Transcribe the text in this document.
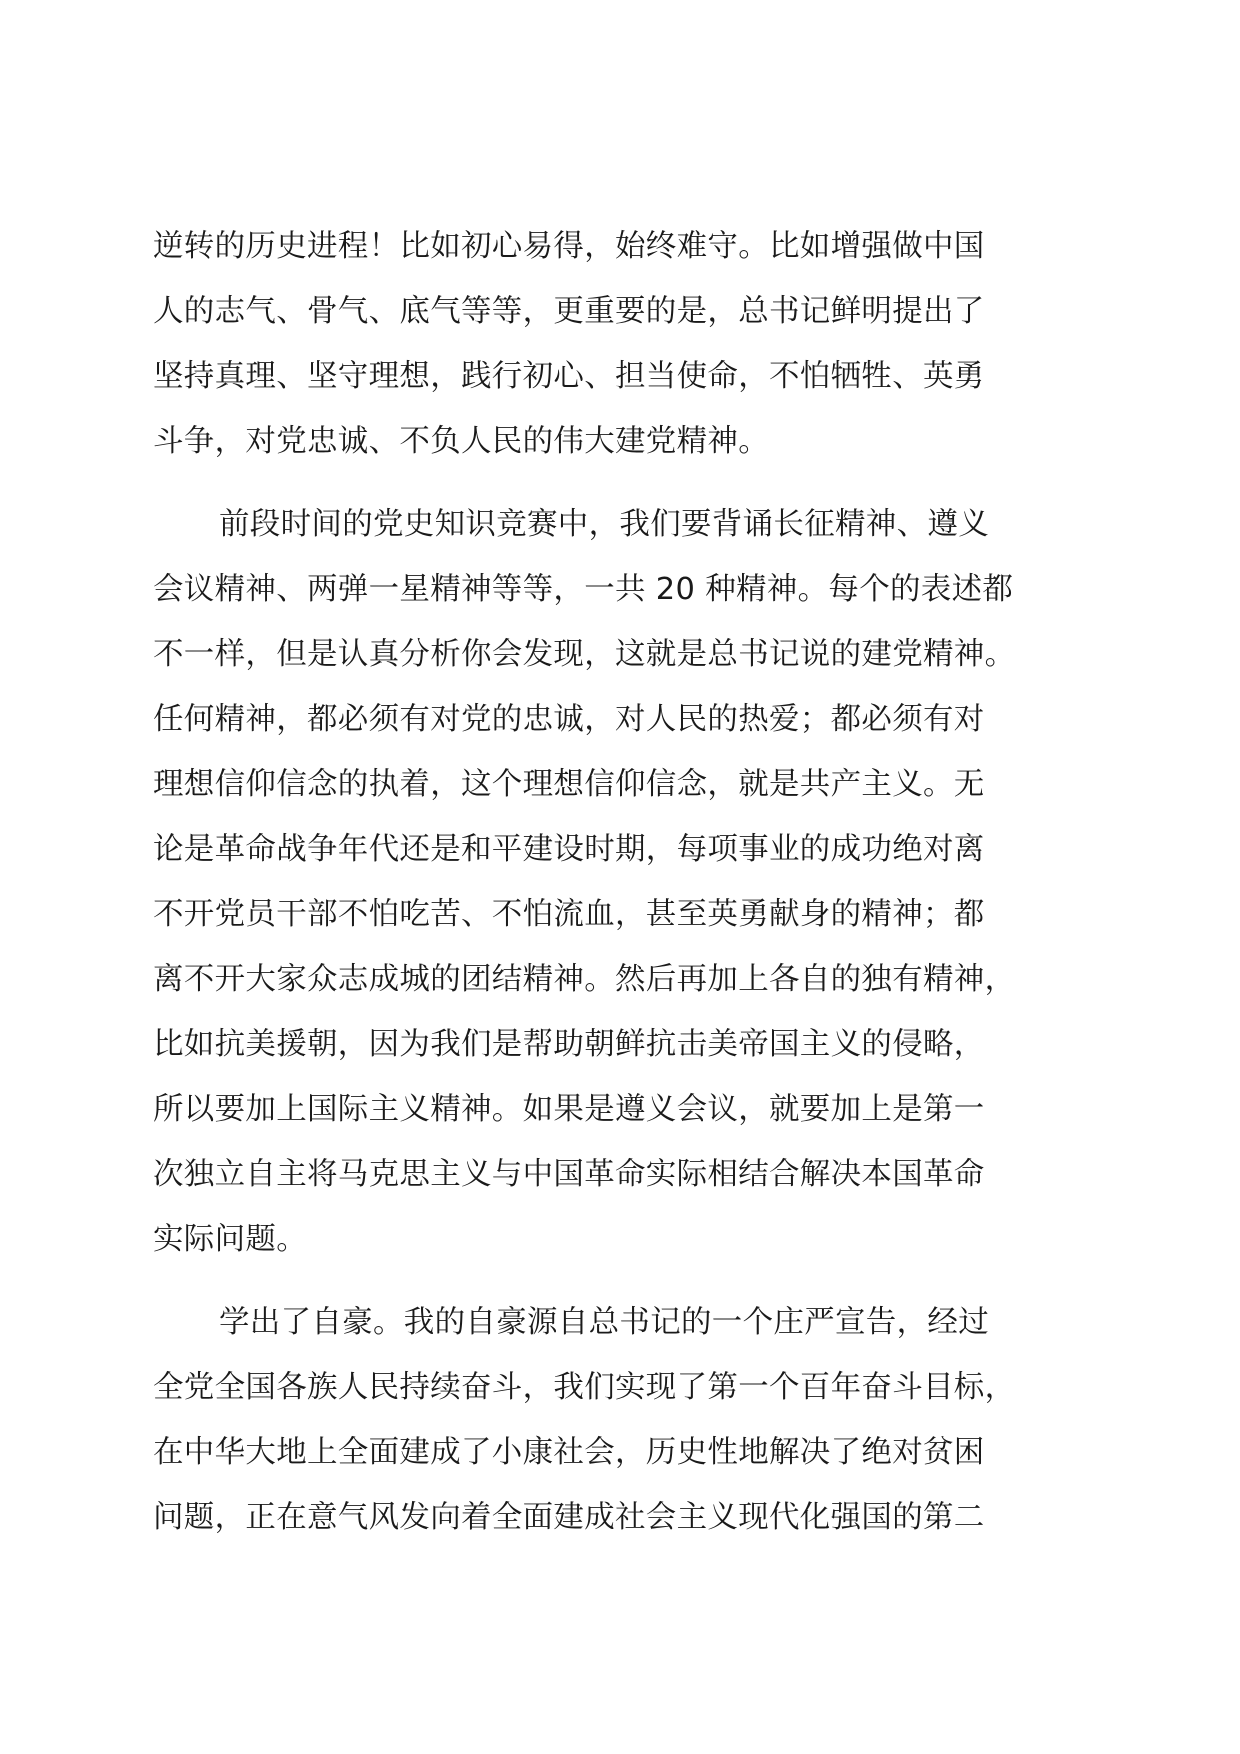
逆转的历史进程！比如初心易得，始终难守。比如增强做中国
人的志气、骨气、底气等等，更重要的是，总书记鲜明提出了
坚持真理、坚守理想，践行初心、担当使命，不怕牺牲、英勇
斗争，对党忠诚、不负人民的伟大建党精神。
前段时间的党史知识竞赛中，我们要背诵长征精神、遵义
会议精神、两弹一星精神等等，一共 20 种精神。每个的表述都
不一样，但是认真分析你会发现，这就是总书记说的建党精神。
任何精神，都必须有对党的忠诚，对人民的热爱；都必须有对
理想信仰信念的执着，这个理想信仰信念，就是共产主义。无
论是革命战争年代还是和平建设时期，每项事业的成功绝对离
不开党员干部不怕吃苦、不怕流血，甚至英勇献身的精神；都
离不开大家众志成城的团结精神。然后再加上各自的独有精神，
比如抗美援朝，因为我们是帮助朝鲜抗击美帝国主义的侵略，
所以要加上国际主义精神。如果是遵义会议，就要加上是第一
次独立自主将马克思主义与中国革命实际相结合解决本国革命
实际问题。
学出了自豪。我的自豪源自总书记的一个庄严宣告，经过
全党全国各族人民持续奋斗，我们实现了第一个百年奋斗目标，
在中华大地上全面建成了小康社会，历史性地解决了绝对贫困
问题，正在意气风发向着全面建成社会主义现代化强国的第二
